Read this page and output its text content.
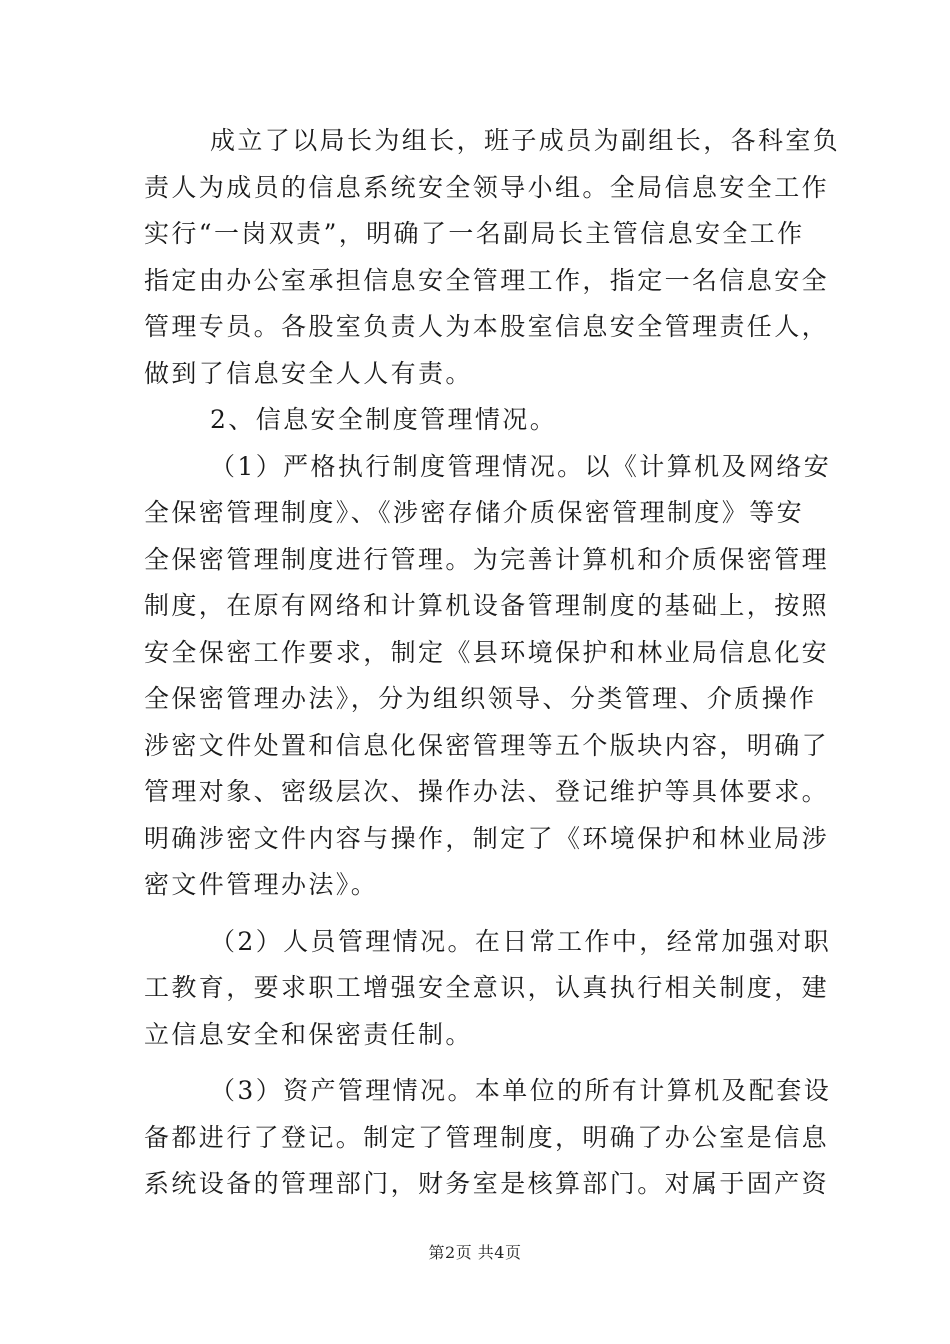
成立了以局长为组长，班子成员为副组长，各科室负
责人为成员的信息系统安全领导小组。全局信息安全工作
实行“一岗双责”，明确了一名副局长主管信息安全工作
指定由办公室承担信息安全管理工作，指定一名信息安全
管理专员。各股室负责人为本股室信息安全管理责任人，
做到了信息安全人人有责。
2、信息安全制度管理情况。
（1）严格执行制度管理情况。以《计算机及网络安
全保密管理制度》、《涉密存储介质保密管理制度》等安
全保密管理制度进行管理。为完善计算机和介质保密管理
制度，在原有网络和计算机设备管理制度的基础上，按照
安全保密工作要求，制定《县环境保护和林业局信息化安
全保密管理办法》，分为组织领导、分类管理、介质操作
涉密文件处置和信息化保密管理等五个版块内容，明确了
管理对象、密级层次、操作办法、登记维护等具体要求。
明确涉密文件内容与操作，制定了《环境保护和林业局涉
密文件管理办法》。
（2）人员管理情况。在日常工作中，经常加强对职
工教育，要求职工增强安全意识，认真执行相关制度，建
立信息安全和保密责任制。
（3）资产管理情况。本单位的所有计算机及配套设
备都进行了登记。制定了管理制度，明确了办公室是信息
系统设备的管理部门，财务室是核算部门。对属于固产资
第2页 共4页
